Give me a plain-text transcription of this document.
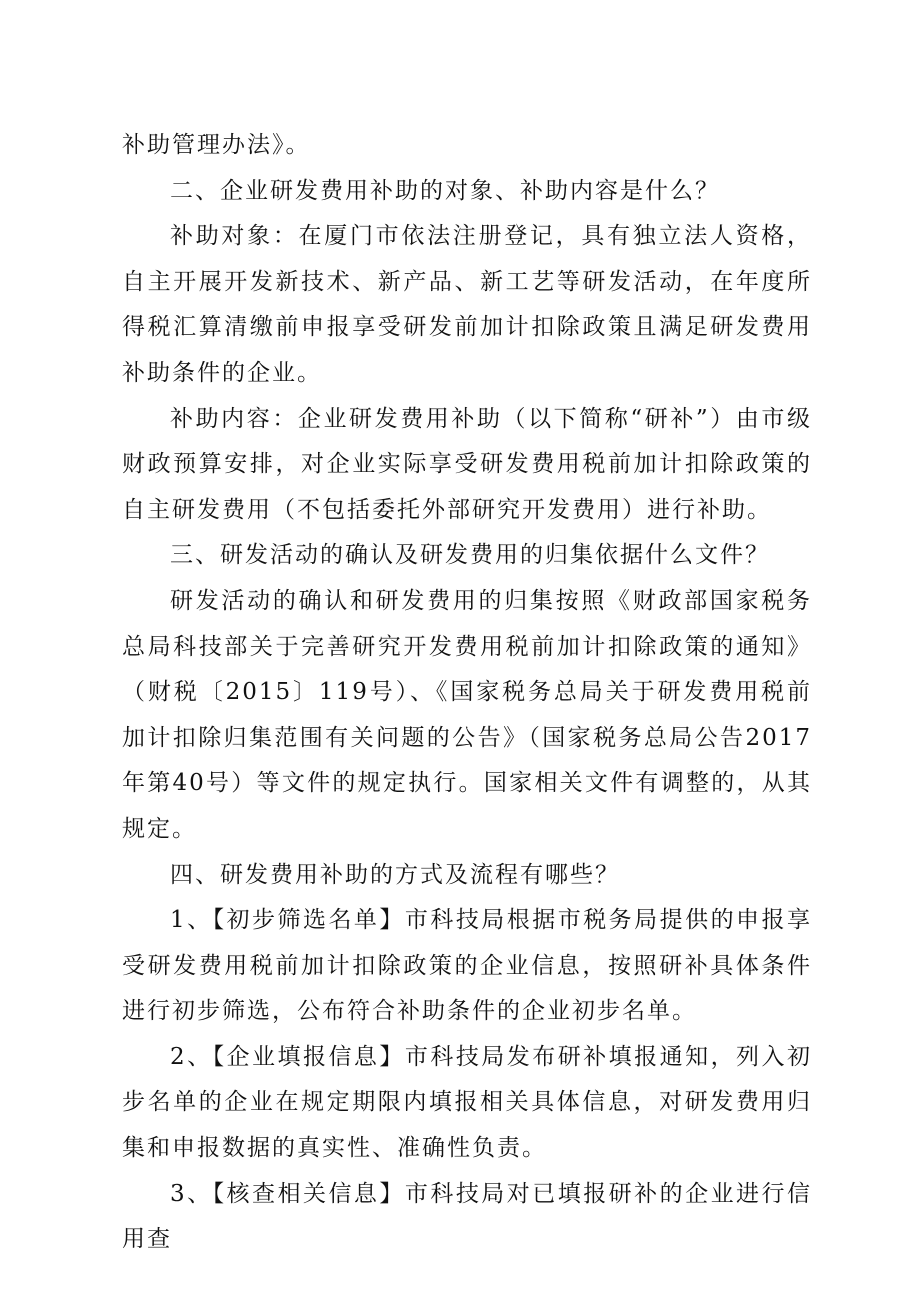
补助管理办法》。

二、企业研发费用补助的对象、补助内容是什么？

补助对象：在厦门市依法注册登记，具有独立法人资格，自主开展开发新技术、新产品、新工艺等研发活动，在年度所得税汇算清缴前申报享受研发前加计扣除政策且满足研发费用补助条件的企业。

补助内容：企业研发费用补助（以下简称“研补”）由市级财政预算安排，对企业实际享受研发费用税前加计扣除政策的自主研发费用（不包括委托外部研究开发费用）进行补助。

三、研发活动的确认及研发费用的归集依据什么文件？

研发活动的确认和研发费用的归集按照《财政部国家税务总局科技部关于完善研究开发费用税前加计扣除政策的通知》（财税〔2015〕119号）、《国家税务总局关于研发费用税前加计扣除归集范围有关问题的公告》（国家税务总局公告2017年第40号）等文件的规定执行。国家相关文件有调整的，从其规定。

四、研发费用补助的方式及流程有哪些？

1、【初步筛选名单】市科技局根据市税务局提供的申报享受研发费用税前加计扣除政策的企业信息，按照研补具体条件进行初步筛选，公布符合补助条件的企业初步名单。

2、【企业填报信息】市科技局发布研补填报通知，列入初步名单的企业在规定期限内填报相关具体信息，对研发费用归集和申报数据的真实性、准确性负责。

3、【核查相关信息】市科技局对已填报研补的企业进行信用查
